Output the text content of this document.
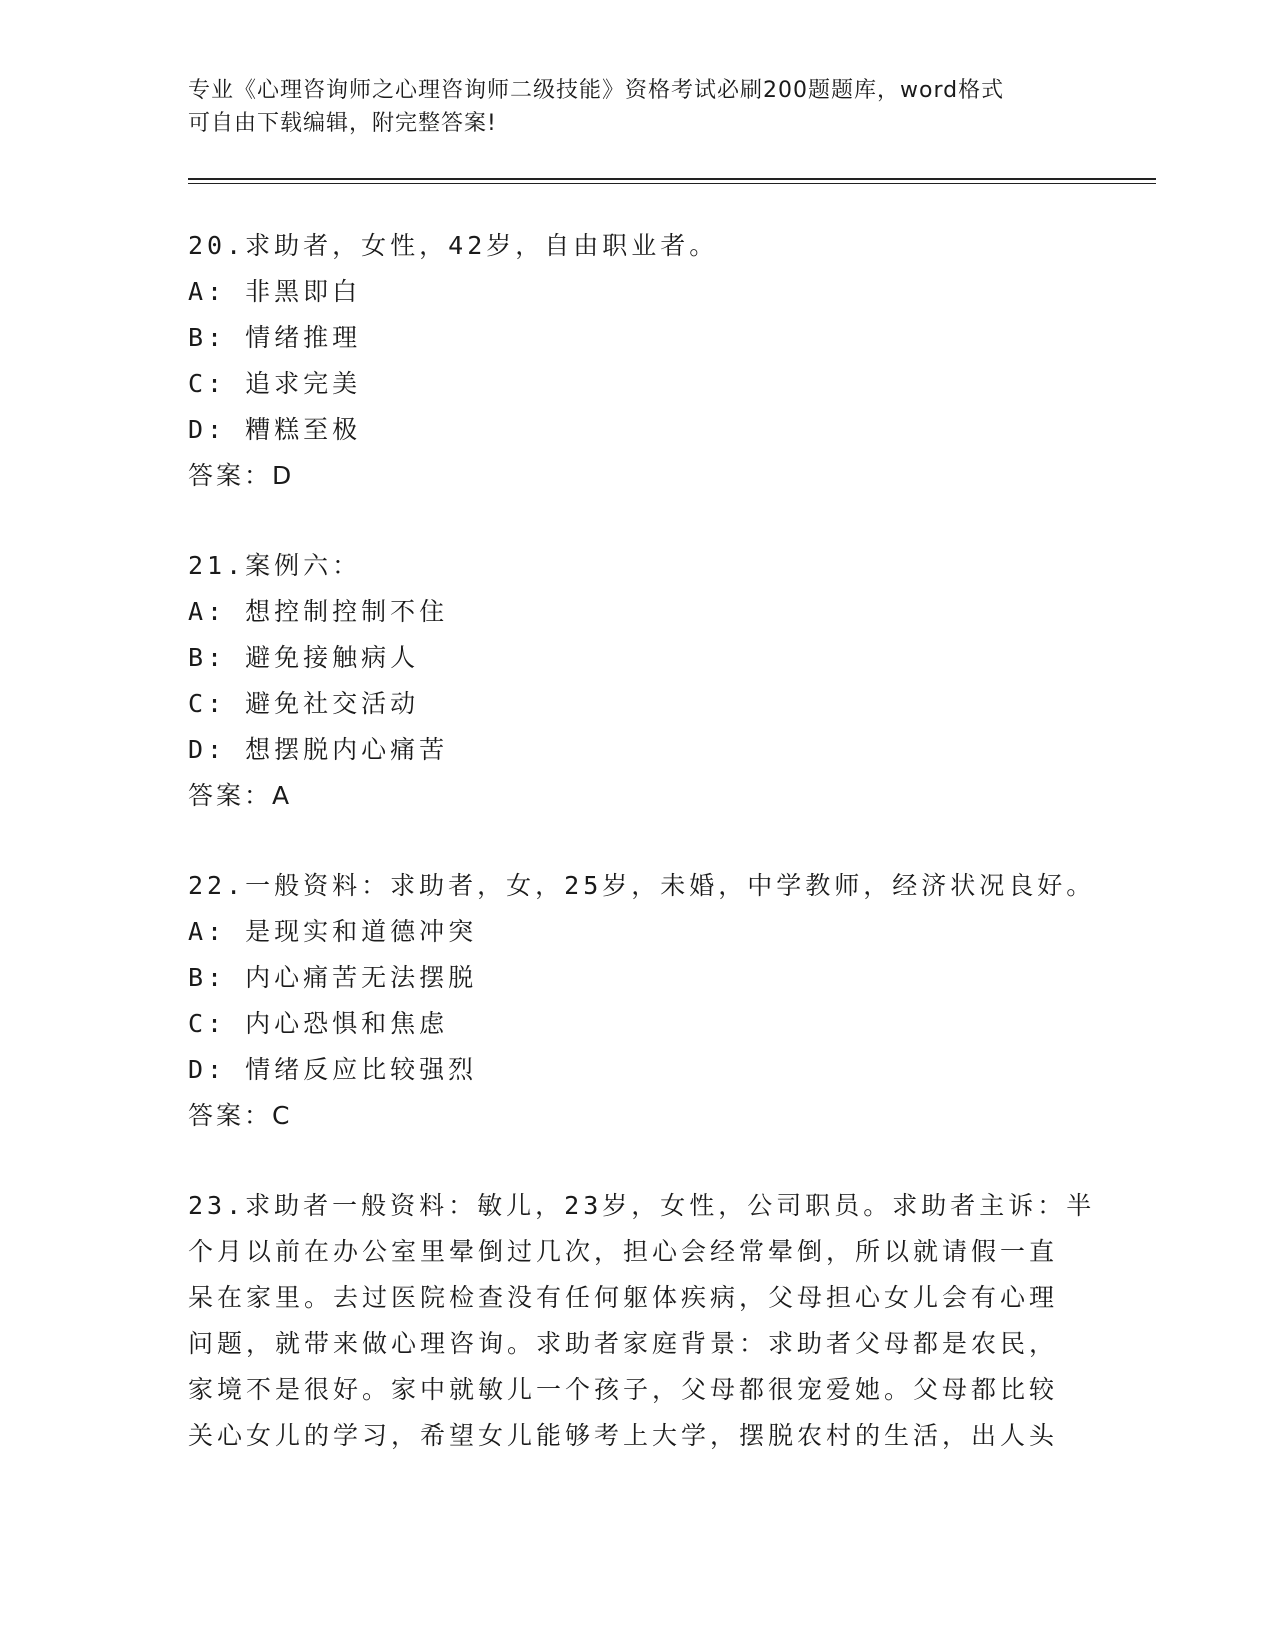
专业《心理咨询师之心理咨询师二级技能》资格考试必刷200题题库，word格式
可自由下载编辑，附完整答案!
20.求助者，女性，42岁，自由职业者。
A: 非黑即白
B: 情绪推理
C: 追求完美
D: 糟糕至极
答案：D
21.案例六：
A: 想控制控制不住
B: 避免接触病人
C: 避免社交活动
D: 想摆脱内心痛苦
答案：A
22.一般资料：求助者，女，25岁，未婚，中学教师，经济状况良好。
A: 是现实和道德冲突
B: 内心痛苦无法摆脱
C: 内心恐惧和焦虑
D: 情绪反应比较强烈
答案：C
23.求助者一般资料：敏儿，23岁，女性，公司职员。求助者主诉：半
个月以前在办公室里晕倒过几次，担心会经常晕倒，所以就请假一直
呆在家里。去过医院检查没有任何躯体疾病，父母担心女儿会有心理
问题，就带来做心理咨询。求助者家庭背景：求助者父母都是农民，
家境不是很好。家中就敏儿一个孩子，父母都很宠爱她。父母都比较
关心女儿的学习，希望女儿能够考上大学，摆脱农村的生活，出人头
